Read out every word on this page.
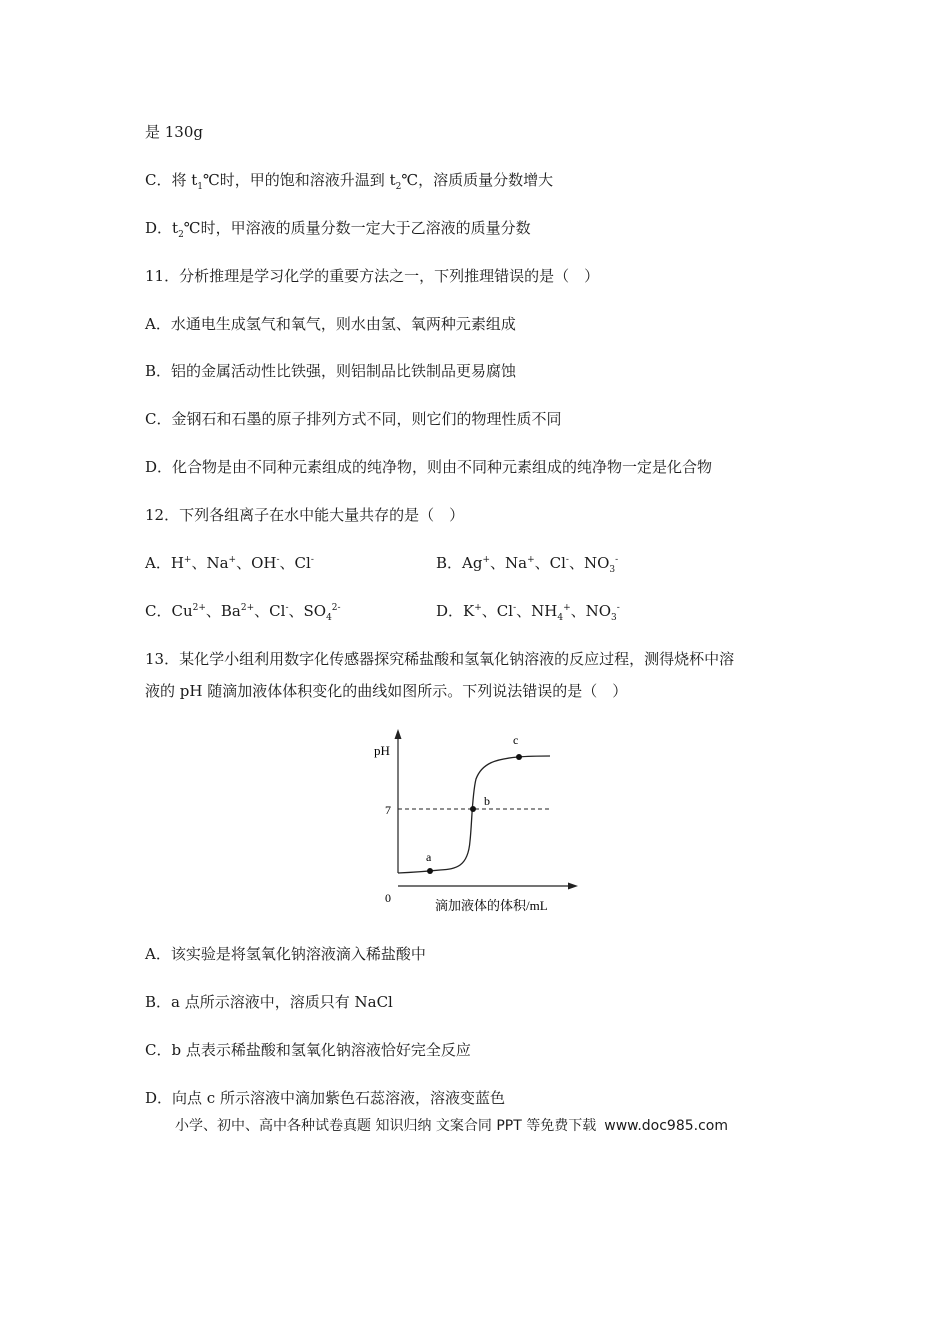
是 130g
C．将 $t_1℃$时，甲的饱和溶液升温到 $t_2℃$，溶质质量分数增大
D．$t_2℃$时，甲溶液的质量分数一定大于乙溶液的质量分数
11．分析推理是学习化学的重要方法之一，下列推理错误的是（　）
A．水通电生成氢气和氧气，则水由氢、氧两种元素组成
B．铝的金属活动性比铁强，则铝制品比铁制品更易腐蚀
C．金钢石和石墨的原子排列方式不同，则它们的物理性质不同
D．化合物是由不同种元素组成的纯净物，则由不同种元素组成的纯净物一定是化合物
12．下列各组离子在水中能大量共存的是（　）
A．H+、Na+、OH-、Cl-	B．Ag+、Na+、Cl-、$NO_3^-$
C．$Cu^{2+}$、$Ba^{2+}$、Cl-、$SO_4^{2-}$	D．K+、Cl-、$NH_4^+$、$NO_3^-$
13．某化学小组利用数字化传感器探究稀盐酸和氢氧化钠溶液的反应过程，测得烧杯中溶
液的 pH 随滴加液体体积变化的曲线如图所示。下列说法错误的是（　）
pH
7
0
a
b
c
滴加液体的体积/mL
A．该实验是将氢氧化钠溶液滴入稀盐酸中
B．a 点所示溶液中，溶质只有 NaCl
C．b 点表示稀盐酸和氢氧化钠溶液恰好完全反应
D．向点 c 所示溶液中滴加紫色石蕊溶液，溶液变蓝色
小学、初中、高中各种试卷真题 知识归纳 文案合同 PPT 等免费下载 www.doc985.com
